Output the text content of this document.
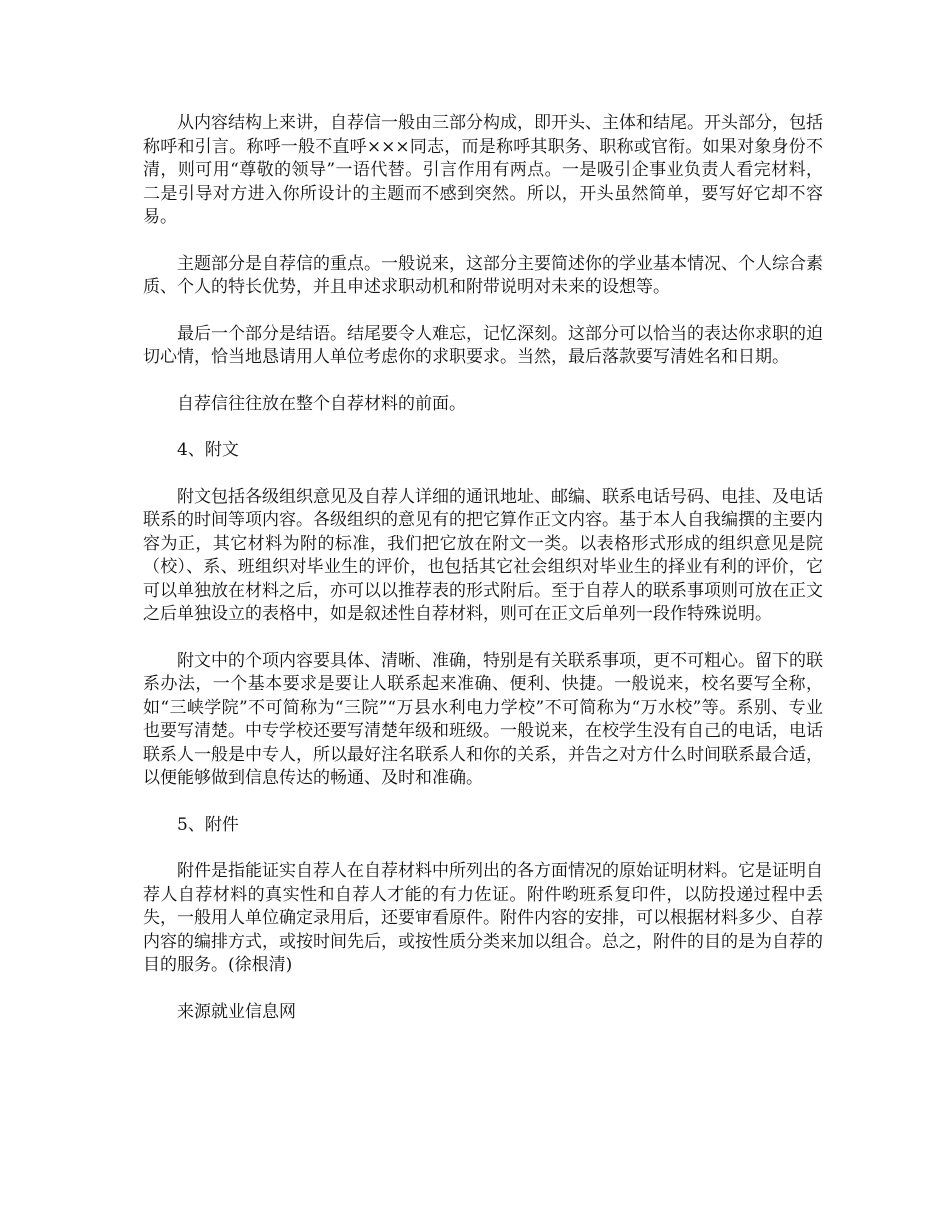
从内容结构上来讲，自荐信一般由三部分构成，即开头、主体和结尾。开头部分，包括称呼和引言。称呼一般不直呼×××同志，而是称呼其职务、职称或官衔。如果对象身份不清，则可用“尊敬的领导”一语代替。引言作用有两点。一是吸引企事业负责人看完材料，二是引导对方进入你所设计的主题而不感到突然。所以，开头虽然简单，要写好它却不容易。

主题部分是自荐信的重点。一般说来，这部分主要简述你的学业基本情况、个人综合素质、个人的特长优势，并且申述求职动机和附带说明对未来的设想等。

最后一个部分是结语。结尾要令人难忘，记忆深刻。这部分可以恰当的表达你求职的迫切心情，恰当地恳请用人单位考虑你的求职要求。当然，最后落款要写清姓名和日期。

自荐信往往放在整个自荐材料的前面。

4、附文

附文包括各级组织意见及自荐人详细的通讯地址、邮编、联系电话号码、电挂、及电话联系的时间等项内容。各级组织的意见有的把它算作正文内容。基于本人自我编撰的主要内容为正，其它材料为附的标准，我们把它放在附文一类。以表格形式形成的组织意见是院（校）、系、班组织对毕业生的评价，也包括其它社会组织对毕业生的择业有利的评价，它可以单独放在材料之后，亦可以以推荐表的形式附后。至于自荐人的联系事项则可放在正文之后单独设立的表格中，如是叙述性自荐材料，则可在正文后单列一段作特殊说明。

附文中的个项内容要具体、清晰、准确，特别是有关联系事项，更不可粗心。留下的联系办法，一个基本要求是要让人联系起来准确、便利、快捷。一般说来，校名要写全称，如“三峡学院”不可简称为“三院”“万县水利电力学校”不可简称为“万水校”等。系别、专业也要写清楚。中专学校还要写清楚年级和班级。一般说来，在校学生没有自己的电话，电话联系人一般是中专人，所以最好注名联系人和你的关系，并告之对方什么时间联系最合适，以便能够做到信息传达的畅通、及时和准确。

5、附件

附件是指能证实自荐人在自荐材料中所列出的各方面情况的原始证明材料。它是证明自荐人自荐材料的真实性和自荐人才能的有力佐证。附件哟班系复印件，以防投递过程中丢失，一般用人单位确定录用后，还要审看原件。附件内容的安排，可以根据材料多少、自荐内容的编排方式，或按时间先后，或按性质分类来加以组合。总之，附件的目的是为自荐的目的服务。(徐根清)

来源就业信息网
